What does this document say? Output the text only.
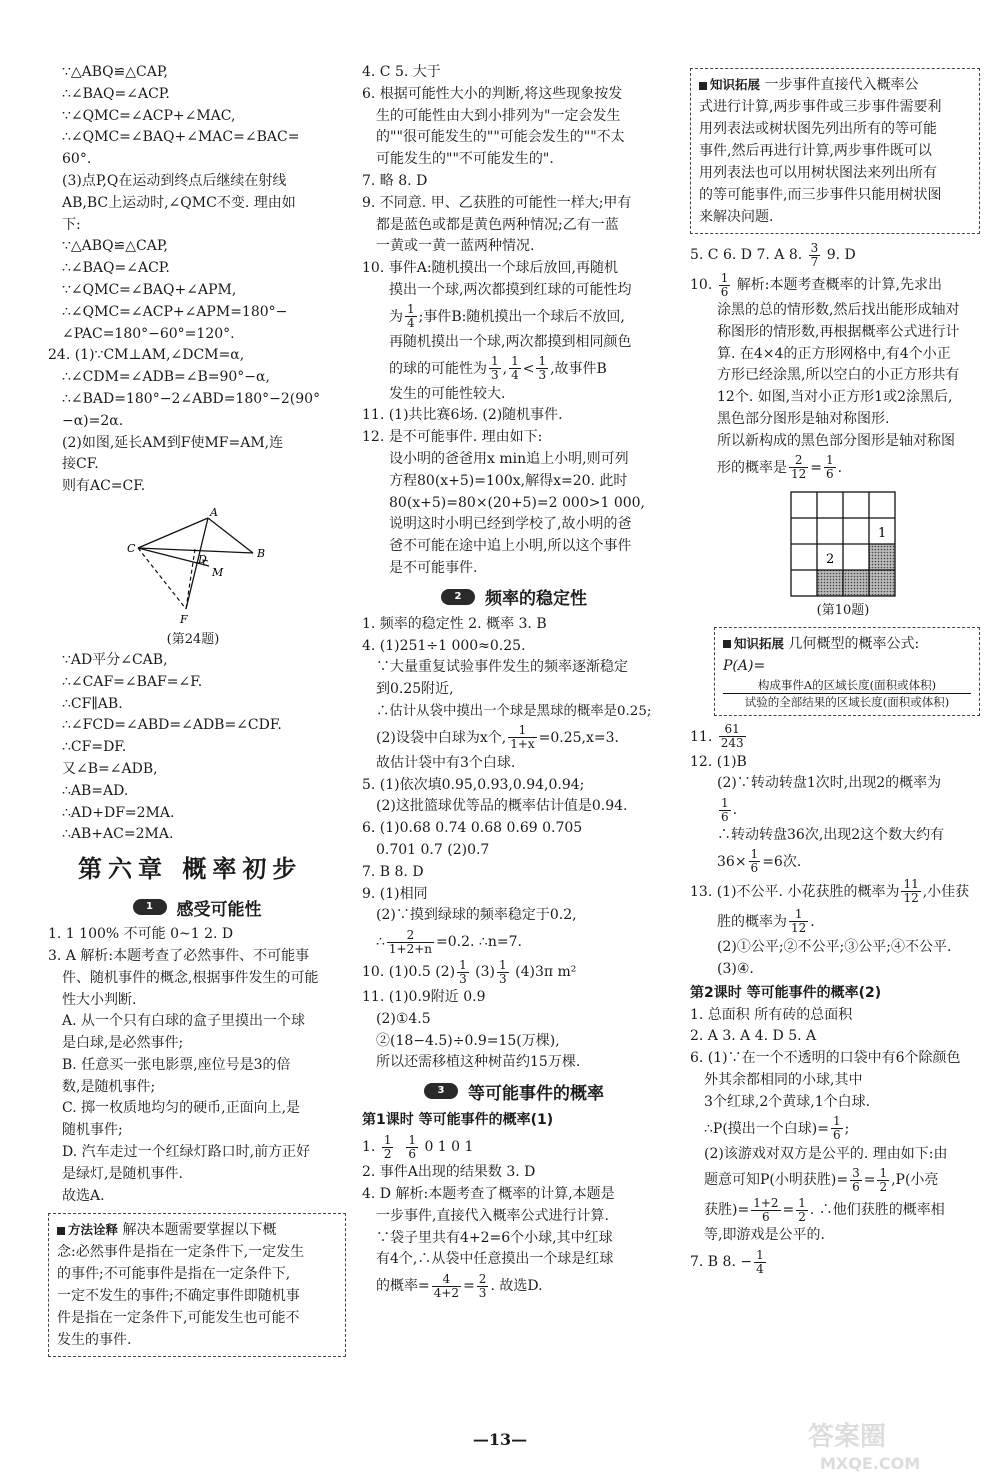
∵△ABQ≌△CAP,
∴∠BAQ=∠ACP.
∵∠QMC=∠ACP+∠MAC,
∴∠QMC=∠BAQ+∠MAC=∠BAC=
60°.
(3)点P,Q在运动到终点后继续在射线
AB,BC上运动时,∠QMC不变. 理由如
下:
∵△ABQ≌△CAP,
∴∠BAQ=∠ACP.
∵∠QMC=∠BAQ+∠APM,
∴∠QMC=∠ACP+∠APM=180°−
∠PAC=180°−60°=120°.
24. (1)∵CM⊥AM,∠DCM=α,
∴∠CDM=∠ADB=∠B=90°−α,
∴∠BAD=180°−2∠ABD=180°−2(90°
−α)=2α.
(2)如图,延长AM到F使MF=AM,连
接CF.
则有AC=CF.
A
B
C
D
M
F
(第24题)
∵AD平分∠CAB,
∴∠CAF=∠BAF=∠F.
∴CF∥AB.
∴∠FCD=∠ABD=∠ADB=∠CDF.
∴CF=DF.
又∠B=∠ADB,
∴AB=AD.
∴AD+DF=2MA.
∴AB+AC=2MA.
第六章 概率初步
1	感受可能性
1. 1 100% 不可能 0~1 2. D
3. A 解析:本题考查了必然事件、不可能事
件、随机事件的概念,根据事件发生的可能
性大小判断.
A. 从一个只有白球的盒子里摸出一个球
是白球,是必然事件;
B. 任意买一张电影票,座位号是3的倍
数,是随机事件;
C. 掷一枚质地均匀的硬币,正面向上,是
随机事件;
D. 汽车走过一个红绿灯路口时,前方正好
是绿灯,是随机事件.
故选A.
方法诠释 解决本题需要掌握以下概
念:必然事件是指在一定条件下,一定发生
的事件;不可能事件是指在一定条件下,
一定不发生的事件;不确定事件即随机事
件是指在一定条件下,可能发生也可能不
发生的事件.
4. C 5. 大于
6. 根据可能性大小的判断,将这些现象按发
生的可能性由大到小排列为"一定会发生
的""很可能发生的""可能会发生的""不太
可能发生的""不可能发生的".
7. 略 8. D
9. 不同意. 甲、乙获胜的可能性一样大;甲有
都是蓝色或都是黄色两种情况;乙有一蓝
一黄或一黄一蓝两种情况.
10. 事件A:随机摸出一个球后放回,再随机
摸出一个球,两次都摸到红球的可能性均
为 $\frac{1}{4}$ ;事件B:随机摸出一个球后不放回,
再随机摸出一个球,两次都摸到相同颜色
的球的可能性为 $\frac{1}{3}$ , $\frac{1}{4} < \frac{1}{3}$ ,故事件B
发生的可能性较大.
11. (1)共比赛6场. (2)随机事件.
12. 是不可能事件. 理由如下:
设小明的爸爸用x min追上小明,则可列
方程80(x+5)=100x,解得x=20. 此时
80(x+5)=80×(20+5)=2 000>1 000,
说明这时小明已经到学校了,故小明的爸
爸不可能在途中追上小明,所以这个事件
是不可能事件.
2	频率的稳定性
1. 频率的稳定性 2. 概率 3. B
4. (1)251÷1 000≈0.25.
∵大量重复试验事件发生的频率逐渐稳定
到0.25附近,
∴估计从袋中摸出一个球是黑球的概率是0.25;
(2)设袋中白球为x个, $\frac{1}{1+x} =0.25,x=3$.
故估计袋中有3个白球.
5. (1)依次填0.95,0.93,0.94,0.94;
(2)这批篮球优等品的概率估计值是0.94.
6. (1)0.68 0.74 0.68 0.69 0.705
0.701 0.7 (2)0.7
7. B 8. D
9. (1)相同
(2)∵摸到绿球的频率稳定于0.2,
∴ $\frac{2}{1+2+n} =0.2$. ∴n=7.
10. (1)0.5 $(2) \frac{1}{3} (3) \frac{1}{3} (4)3\pi$ m²
11. (1)0.9附近 0.9
(2)①4.5
②(18−4.5)÷0.9=15(万棵),
所以还需移植这种树苗约15万棵.
3	等可能事件的概率
第1课时 等可能事件的概率(1)
1. $\frac{1}{2}$
$\frac{1}{6} 0$ 1 0 1
2. 事件A出现的结果数 3. D
4. D 解析:本题考查了概率的计算,本题是
一步事件,直接代入概率公式进行计算.
∵袋子里共有4+2=6个小球,其中红球
有4个,∴从袋中任意摸出一个球是红球
的概率= $\frac{4}{4+2} = \frac{2}{3}$ . 故选D.
知识拓展 一步事件直接代入概率公
式进行计算,两步事件或三步事件需要利
用列表法或树状图先列出所有的等可能
事件,然后再进行计算,两步事件既可以
用列表法也可以用树状图法来列出所有
的等可能事件,而三步事件只能用树状图
来解决问题.
5. C 6. D 7. A 8. $\frac{3}{7} 9$. D
10. $\frac{1}{6}$ 解析:本题考查概率的计算,先求出
涂黑的总的情形数,然后找出能形成轴对
称图形的情形数,再根据概率公式进行计
算. 在4×4的正方形网格中,有4个小正
方形已经涂黑,所以空白的小正方形共有
12个. 如图,当对小正方形1或2涂黑后,
黑色部分图形是轴对称图形.
所以新构成的黑色部分图形是轴对称图
形的概率是 $\frac{2}{12} = \frac{1}{6}$ .
1
2
(第10题)
知识拓展 几何概型的概率公式:
P(A)=
构成事件A的区域长度(面积或体积)
试验的全部结果的区域长度(面积或体积)
11. $\frac{61}{243}$
12. (1)B
(2)∵转动转盘1次时,出现2的概率为
$\frac{1}{6}$ .
∴转动转盘36次,出现2这个数大约有
$36\times \frac{1}{6} =6$次.
13. (1)不公平. 小花获胜的概率为 $\frac{11}{12}$ ,小佳获
胜的概率为 $\frac{1}{12}$ .
(2)①公平;②不公平;③公平;④不公平.
(3)④.
第2课时 等可能事件的概率(2)
1. 总面积 所有砖的总面积
2. A 3. A 4. D 5. A
6. (1)∵在一个不透明的口袋中有6个除颜色
外其余都相同的小球,其中
3个红球,2个黄球,1个白球.
∴P(摸出一个白球)= $\frac{1}{6}$ ;
(2)该游戏对双方是公平的. 理由如下:由
题意可知P(小明获胜)= $\frac{3}{6} = \frac{1}{2} ,P$(小亮
获胜)= $\frac{1+2}{6} = \frac{1}{2}$ . ∴他们获胜的概率相
等,即游戏是公平的.
7. B 8. − $\frac{1}{4}$
—13—	答案圈
MXQE.COM
